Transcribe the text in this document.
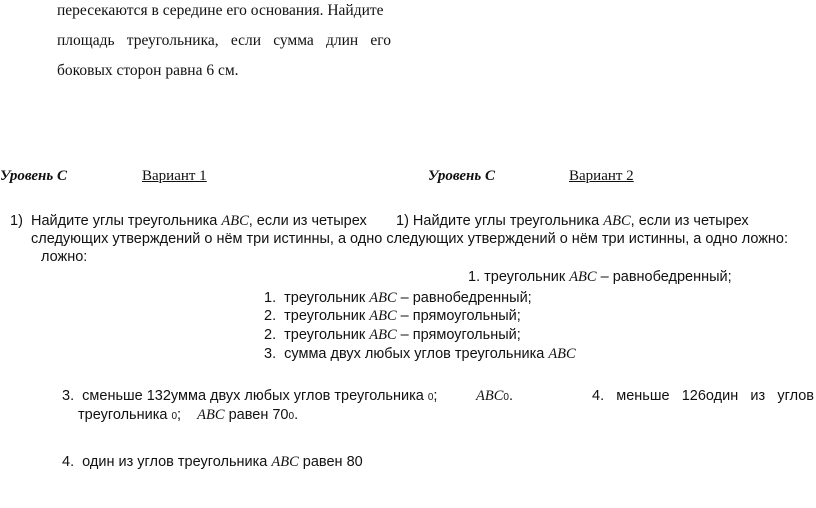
пересекаются в середине его основания. Найдите
площадь треугольника, если сумма длин его
боковых сторон равна 6 см.
Уровень С	Вариант 1	Уровень С	Вариант 2
1) Найдите углы треугольника ABC, если из четырех 1) Найдите углы треугольника ABC, если из четырех
следующих утверждений о нём три истинны, а одно следующих утверждений о нём три истинны, а одно ложно:
ложно:
1. треугольник ABC – равнобедренный;
1. треугольник ABC – равнобедренный;
2. треугольник ABC – прямоугольный;
2. треугольник ABC – прямоугольный;
3. сумма двух любых углов треугольника ABC
3. сменьше 132умма двух любых углов треугольника 0;	ABC0.	4. меньше 126один из углов
треугольника 0; ABC равен 700.
4. один из углов треугольника ABC равен 80
